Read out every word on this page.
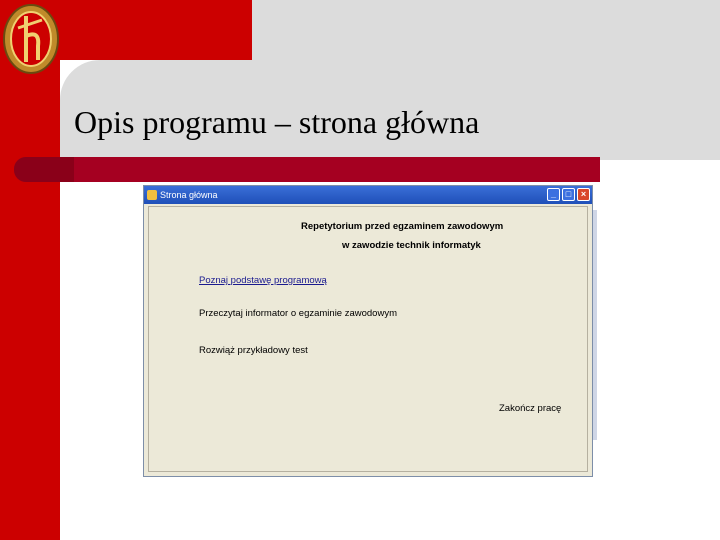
Opis programu – strona główna
Strona główna	_	□	×
Repetytorium przed egzaminem zawodowym
w zawodzie technik informatyk
Poznaj podstawę programową
Przeczytaj informator o egzaminie zawodowym
Rozwiąż przykładowy test
Zakończ pracę
